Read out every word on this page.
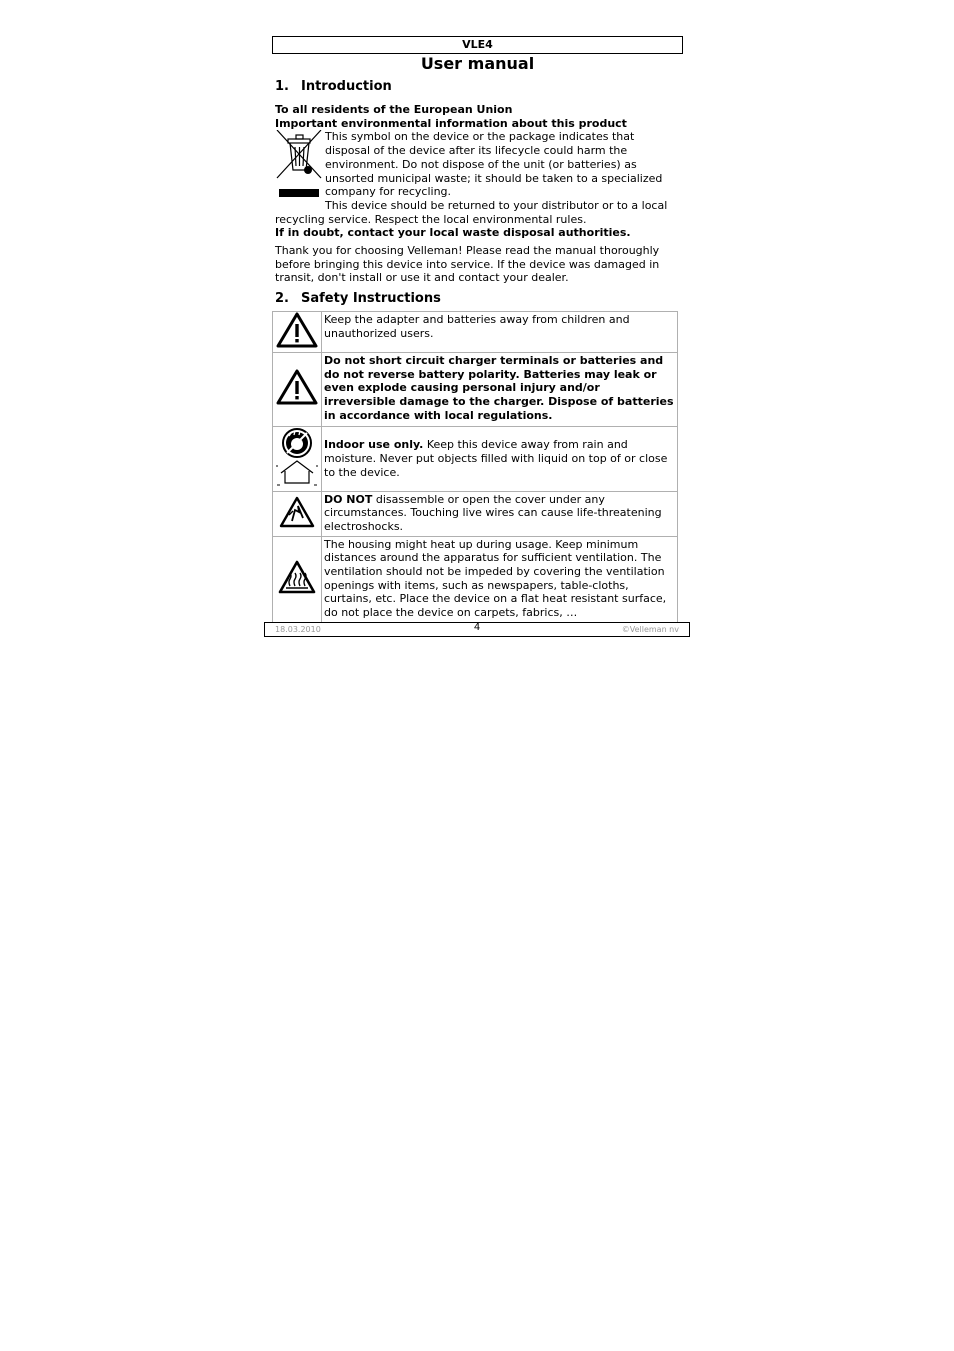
VLE4
User manual
1. Introduction
To all residents of the European Union
Important environmental information about this product
This symbol on the device or the package indicates that disposal of the device after its lifecycle could harm the environment. Do not dispose of the unit (or batteries) as unsorted municipal waste; it should be taken to a specialized company for recycling.
This device should be returned to your distributor or to a local recycling service. Respect the local environmental rules.
If in doubt, contact your local waste disposal authorities.
Thank you for choosing Velleman! Please read the manual thoroughly before bringing this device into service. If the device was damaged in transit, don't install or use it and contact your dealer.
2. Safety Instructions
	Keep the adapter and batteries away from children and unauthorized users.
	Do not short circuit charger terminals or batteries and do not reverse battery polarity. Batteries may leak or even explode causing personal injury and/or irreversible damage to the charger. Dispose of batteries in accordance with local regulations.
	Indoor use only. Keep this device away from rain and moisture. Never put objects filled with liquid on top of or close to the device.
	DO NOT disassemble or open the cover under any circumstances. Touching live wires can cause life-threatening electroshocks.
	The housing might heat up during usage. Keep minimum distances around the apparatus for sufficient ventilation. The ventilation should not be impeded by covering the ventilation openings with items, such as newspapers, table-cloths, curtains, etc. Place the device on a flat heat resistant surface, do not place the device on carpets, fabrics, …
18.03.2010	4	©Velleman nv
